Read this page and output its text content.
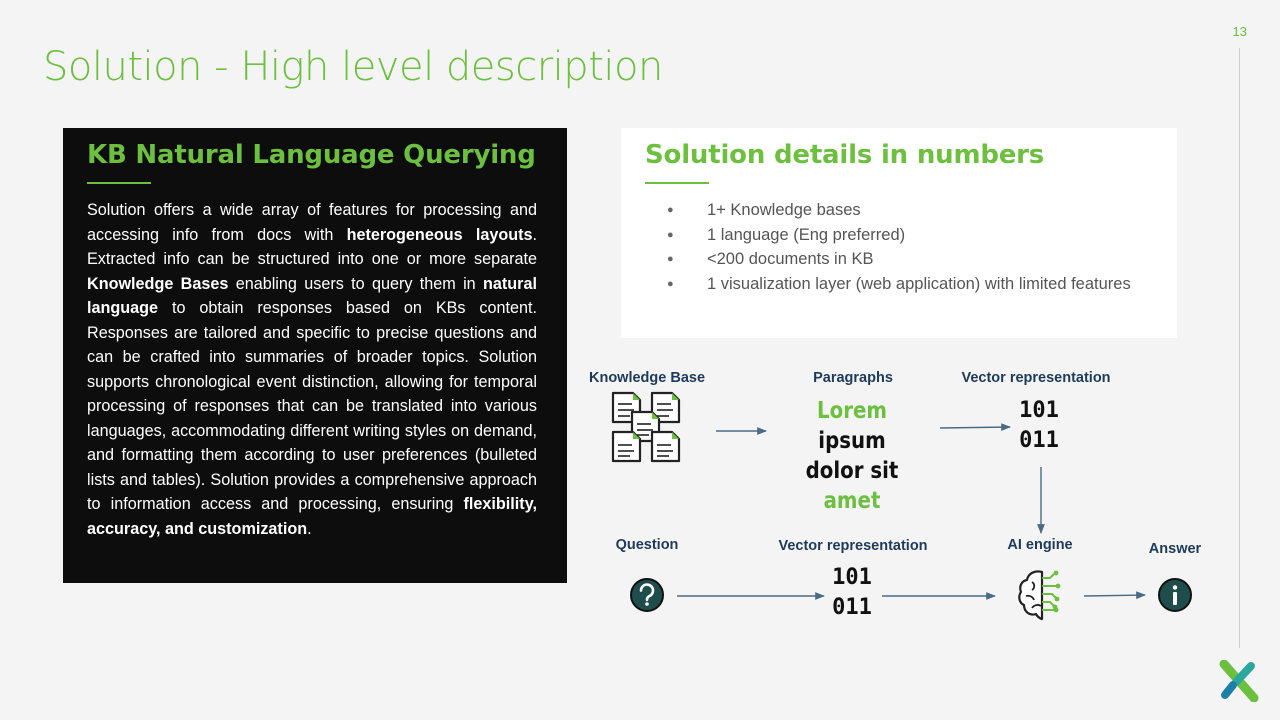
Solution - High level description
13
KB Natural Language Querying

Solution offers a wide array of features for processing and accessing info from docs with heterogeneous layouts. Extracted info can be structured into one or more separate Knowledge Bases enabling users to query them in natural language to obtain responses based on KBs content. Responses are tailored and specific to precise questions and can be crafted into summaries of broader topics. Solution supports chronological event distinction, allowing for temporal processing of responses that can be translated into various languages, accommodating different writing styles on demand, and formatting them according to user preferences (bulleted lists and tables). Solution provides a comprehensive approach to information access and processing, ensuring flexibility, accuracy, and customization.

Solution details in numbers
● 1+ Knowledge bases
● 1 language (Eng preferred)
● <200 documents in KB
● 1 visualization layer (web application) with limited features
Knowledge Base	Paragraphs	Vector representation
Question	Vector representation	AI engine	Answer
Lorem ipsum
dolor sit amet
101
011
101
011
